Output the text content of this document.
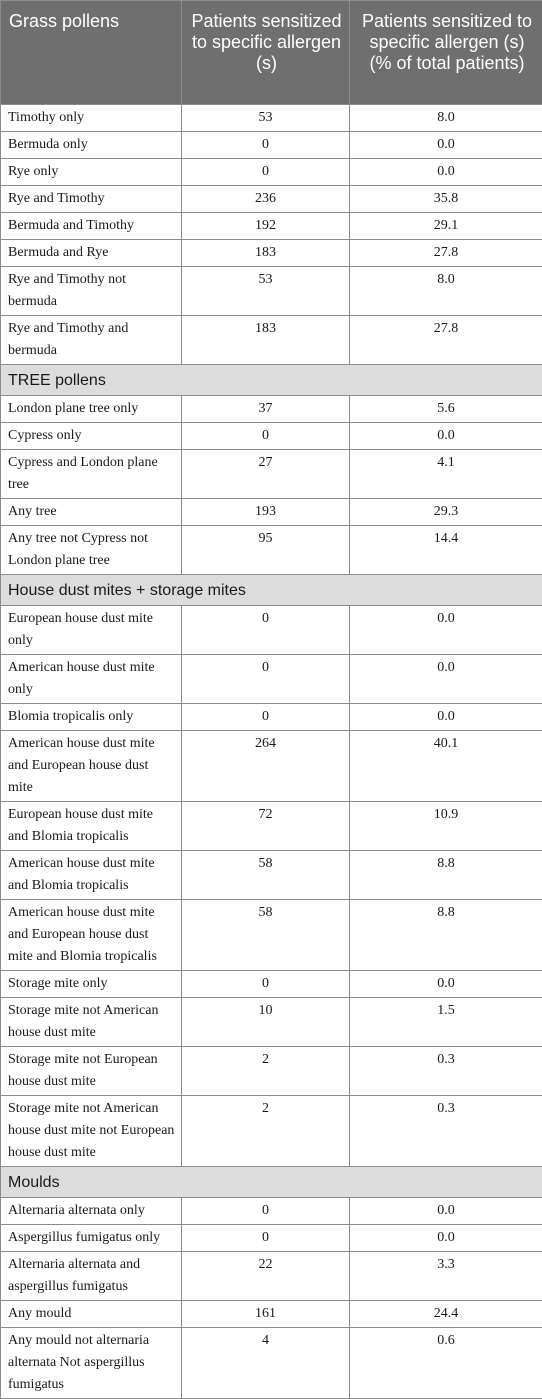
Grass pollens	Patients sensitized to specific allergen (s)	Patients sensitized to specific allergen (s) (% of total patients)
Timothy only	53	8.0
Bermuda only	0	0.0
Rye only	0	0.0
Rye and Timothy	236	35.8
Bermuda and Timothy	192	29.1
Bermuda and Rye	183	27.8
Rye and Timothy not bermuda	53	8.0
Rye and Timothy and bermuda	183	27.8
TREE pollens		
London plane tree only	37	5.6
Cypress only	0	0.0
Cypress and London plane tree	27	4.1
Any tree	193	29.3
Any tree not Cypress not London plane tree	95	14.4
House dust mites + storage mites		
European house dust mite only	0	0.0
American house dust mite only	0	0.0
Blomia tropicalis only	0	0.0
American house dust mite and European house dust mite	264	40.1
European house dust mite and Blomia tropicalis	72	10.9
American house dust mite and Blomia tropicalis	58	8.8
American house dust mite and European house dust mite and Blomia tropicalis	58	8.8
Storage mite only	0	0.0
Storage mite not American house dust mite	10	1.5
Storage mite not European house dust mite	2	0.3
Storage mite not American house dust mite not European house dust mite	2	0.3
Moulds		
Alternaria alternata only	0	0.0
Aspergillus fumigatus only	0	0.0
Alternaria alternata and aspergillus fumigatus	22	3.3
Any mould	161	24.4
Any mould not alternaria alternata Not aspergillus fumigatus	4	0.6
